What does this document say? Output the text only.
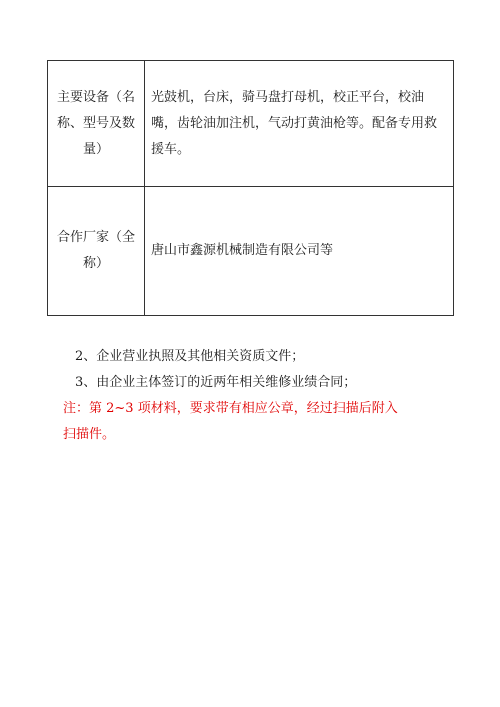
主要设备（名称、型号及数量）	光鼓机，台床，骑马盘打母机，校正平台，校油嘴，齿轮油加注机，气动打黄油枪等。配备专用救援车。
合作厂家（全称）	唐山市鑫源机械制造有限公司等

2、企业营业执照及其他相关资质文件；

3、由企业主体签订的近两年相关维修业绩合同；

注：第 2~3 项材料，要求带有相应公章，经过扫描后附入扫描件。
